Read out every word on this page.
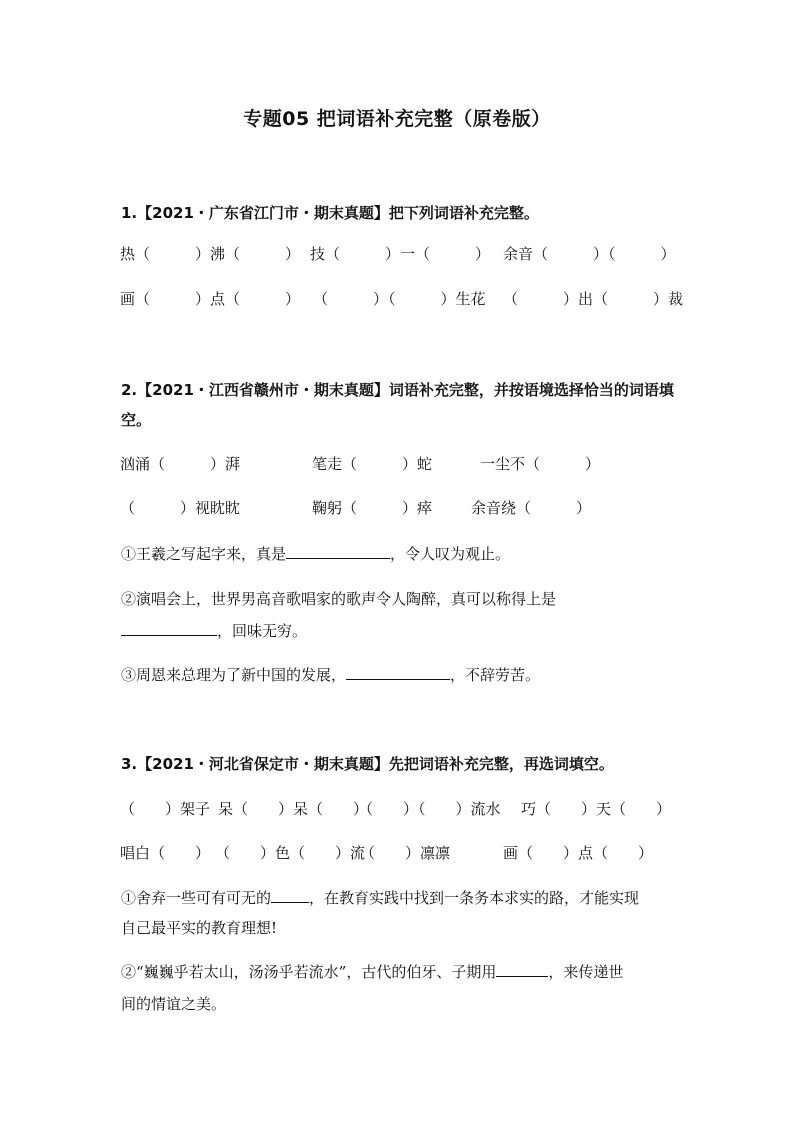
专题05 把词语补充完整（原卷版）
1.【2021・广东省江门市・期末真题】把下列词语补充完整。
热（　　　）沸（　　　） 技（　　　）一（　　　） 余音（　　　）（　　　）
画（　　　）点（　　　） （　　　）（　　　）生花 （　　　）出（　　　）裁
2.【2021・江西省赣州市・期末真题】词语补充完整，并按语境选择恰当的词语填空。
汹涌（　　　）湃	笔走（　　　）蛇	一尘不（　　　）
（　　　）视眈眈	鞠躬（　　　）瘁	余音绕（　　　）
①王羲之写起字来，真是	，令人叹为观止。
②演唱会上，世界男高音歌唱家的歌声令人陶醉，真可以称得上是
，回味无穷。
③周恩来总理为了新中国的发展，	，不辞劳苦。
3.【2021・河北省保定市・期末真题】先把词语补充完整，再选词填空。
（　　）架子 呆（　　）呆（　　）
（　　）（　　）流水 巧（　　）天（　　）
唱白（　　） （　　）色（　　）流
（　　）凛凛	画（　　）点（　　）
①舍弃一些可有可无的	，在教育实践中找到一条务本求实的路，才能实现
自己最平实的教育理想!
②“巍巍乎若太山，汤汤乎若流水”，古代的伯牙、子期用	，来传递世
间的情谊之美。
